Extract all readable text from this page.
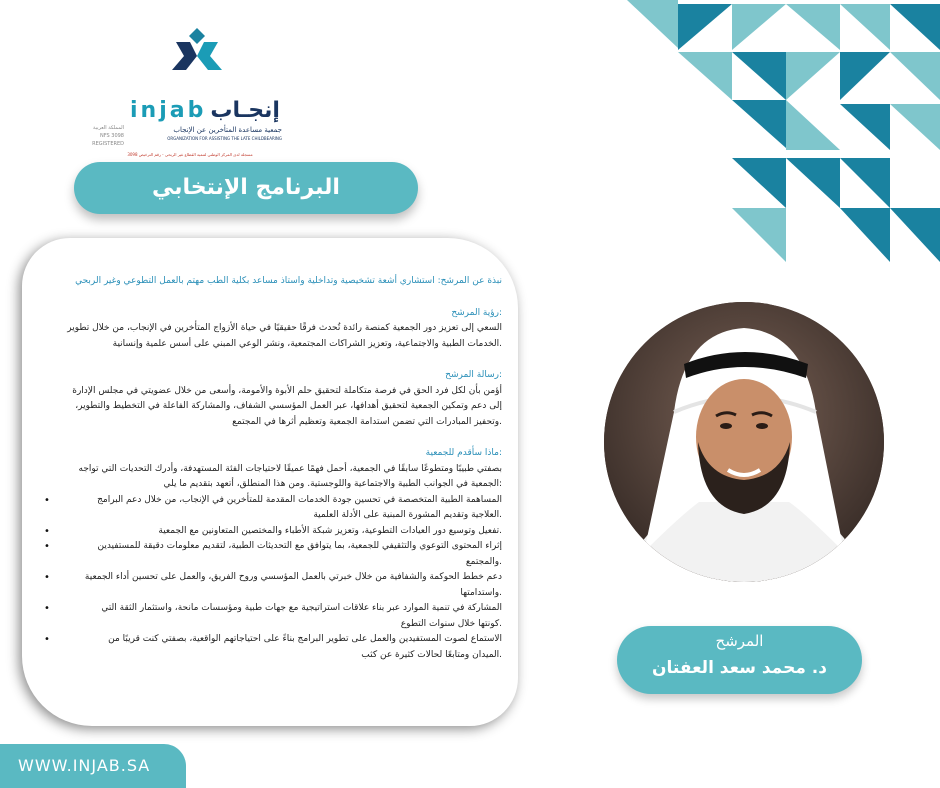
injab إنجـاب
جمعية مساعدة المتأخرين عن الإنجاب
ORGANIZATION FOR ASSISTING THE LATE CHILDBEARING
المملكة العربية
NFS 3098 REGISTERED
مسجلة لدى المركز الوطني لتنمية القطاع غير الربحي - رقم الترخيص 3098
البرنامج الإنتخابي
نبذة عن المرشح: استشاري أشعة تشخيصية وتداخلية واستاذ مساعد بكلية الطب مهتم بالعمل التطوعي وغير الربحي
:رؤية المرشح
السعي إلى تعزيز دور الجمعية كمنصة رائدة تُحدث فرقًا حقيقيًا في حياة الأزواج المتأخرين في الإنجاب، من خلال تطوير
.الخدمات الطبية والاجتماعية، وتعزيز الشراكات المجتمعية، ونشر الوعي المبني على أسس علمية وإنسانية
:رسالة المرشح
أؤمن بأن لكل فرد الحق في فرصة متكاملة لتحقيق حلم الأبوة والأمومة، وأسعى من خلال عضويتي في مجلس الإدارة
إلى دعم وتمكين الجمعية لتحقيق أهدافها، عبر العمل المؤسسي الشفاف، والمشاركة الفاعلة في التخطيط والتطوير،
.وتحفيز المبادرات التي تضمن استدامة الجمعية وتعظيم أثرها في المجتمع
:ماذا سأقدم للجمعية
بصفتي طبيبًا ومتطوعًا سابقًا في الجمعية، أحمل فهمًا عميقًا لاحتياجات الفئة المستهدفة، وأدرك التحديات التي تواجه
:الجمعية في الجوانب الطبية والاجتماعية واللوجستية. ومن هذا المنطلق، أتعهد بتقديم ما يلي
المساهمة الطبية المتخصصة في تحسين جودة الخدمات المقدمة للمتأخرين في الإنجاب، من خلال دعم البرامج
.العلاجية وتقديم المشورة المبنية على الأدلة العلمية
•
.تفعيل وتوسيع دور العيادات التطوعية، وتعزيز شبكة الأطباء والمختصين المتعاونين مع الجمعية
•
إثراء المحتوى التوعوي والتثقيفي للجمعية، بما يتوافق مع التحديثات الطبية، لتقديم معلومات دقيقة للمستفيدين
.والمجتمع
•
دعم خطط الحوكمة والشفافية من خلال خبرتي بالعمل المؤسسي وروح الفريق، والعمل على تحسين أداء الجمعية
.واستدامتها
•
المشاركة في تنمية الموارد عبر بناء علاقات استراتيجية مع جهات طبية ومؤسسات مانحة، واستثمار الثقة التي
.كونتها خلال سنوات التطوع
•
الاستماع لصوت المستفيدين والعمل على تطوير البرامج بناءً على احتياجاتهم الواقعية، بصفتي كنت قريبًا من
.الميدان ومتابعًا لحالات كثيرة عن كثب
•
المرشح
د. محمد سعد العفتان
WWW.INJAB.SA
